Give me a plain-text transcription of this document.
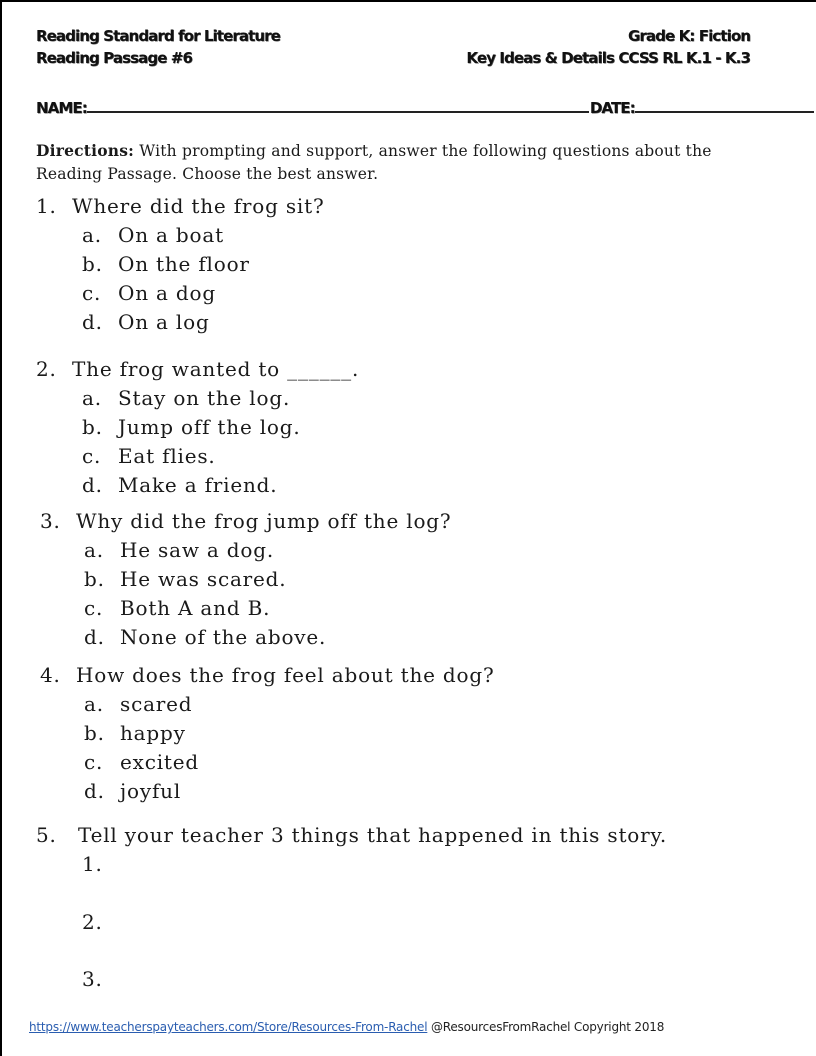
Reading Standard for Literature
Reading Passage #6
Grade K: Fiction
Key Ideas & Details CCSS RL K.1 - K.3
NAME:	DATE:
Directions: With prompting and support, answer the following questions about the Reading Passage. Choose the best answer.
1. Where did the frog sit?
a. On a boat
b. On the floor
c. On a dog
d. On a log
2. The frog wanted to ______.
a. Stay on the log.
b. Jump off the log.
c. Eat flies.
d. Make a friend.
3. Why did the frog jump off the log?
a. He saw a dog.
b. He was scared.
c. Both A and B.
d. None of the above.
4. How does the frog feel about the dog?
a. scared
b. happy
c. excited
d. joyful
5. Tell your teacher 3 things that happened in this story.
1.
2.
3.
https://www.teacherspayteachers.com/Store/Resources-From-Rachel @ResourcesFromRachel Copyright 2018
